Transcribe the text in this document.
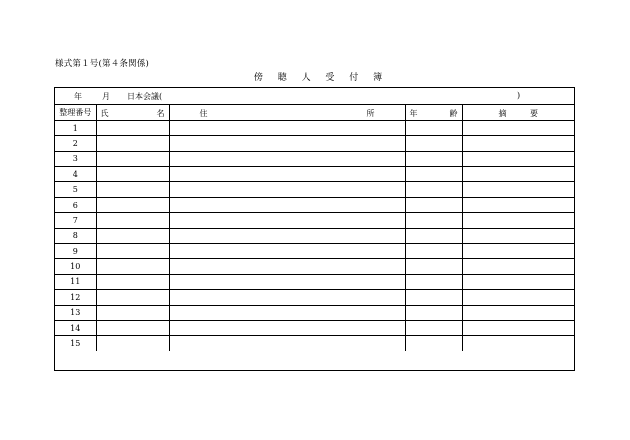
様式第１号(第４条関係)
傍 聴 人 受 付 簿
年	月 日本会議(	)
整理番号	氏 名	住 所	年 齢	摘 要

1				
2				
3				
4				
5				
6				
7				
8				
9				
10				
11				
12				
13				
14				
15				
